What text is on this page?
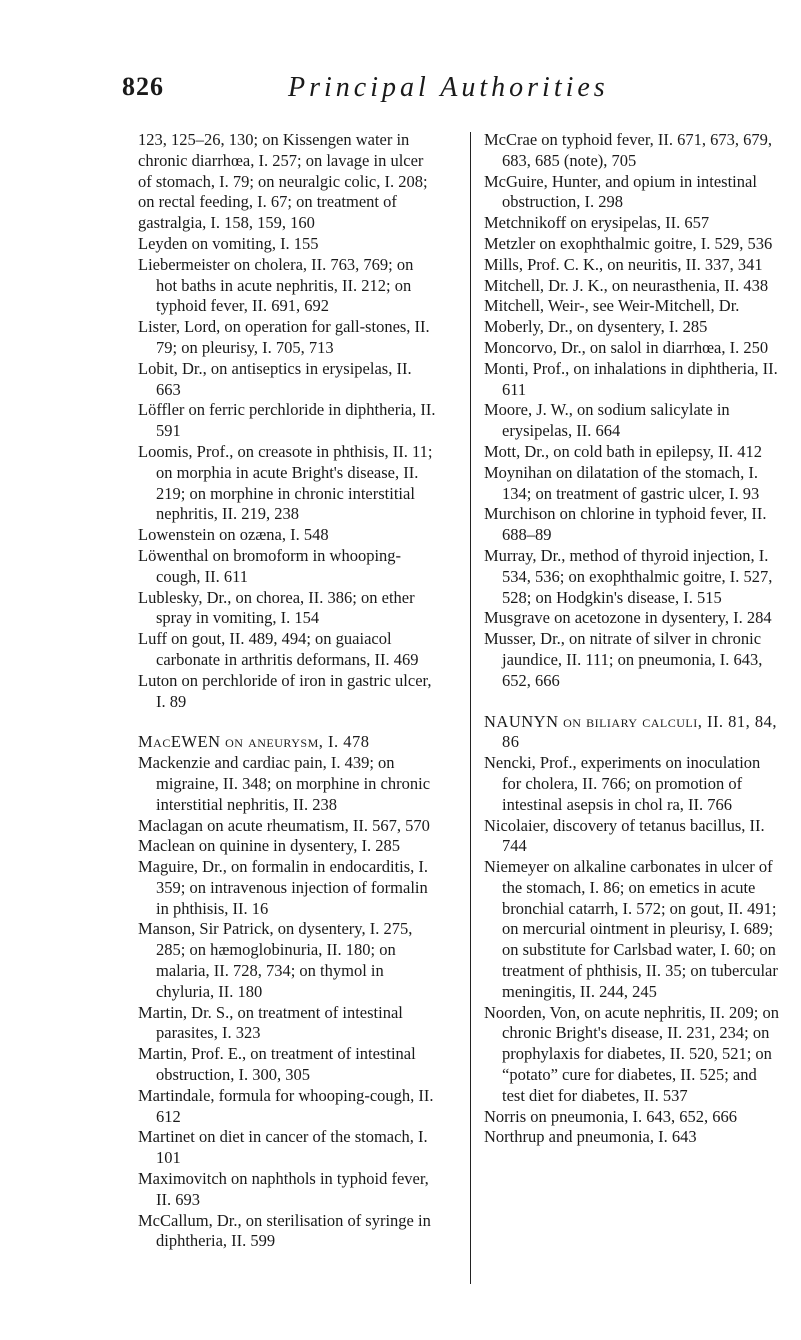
826	Principal Authorities

123, 125–26, 130; on Kissengen water in chronic diarrhœa, I. 257; on lavage in ulcer of stomach, I. 79; on neuralgic colic, I. 208; on rectal feeding, I. 67; on treatment of gastralgia, I. 158, 159, 160

Leyden on vomiting, I. 155

Liebermeister on cholera, II. 763, 769; on hot baths in acute nephritis, II. 212; on typhoid fever, II. 691, 692

Lister, Lord, on operation for gall-stones, II. 79; on pleurisy, I. 705, 713

Lobit, Dr., on antiseptics in erysipelas, II. 663

Löffler on ferric perchloride in diphtheria, II. 591

Loomis, Prof., on creasote in phthisis, II. 11; on morphia in acute Bright's disease, II. 219; on morphine in chronic interstitial nephritis, II. 219, 238

Lowenstein on ozæna, I. 548

Löwenthal on bromoform in whooping-cough, II. 611

Lublesky, Dr., on chorea, II. 386; on ether spray in vomiting, I. 154

Luff on gout, II. 489, 494; on guaiacol carbonate in arthritis deformans, II. 469

Luton on perchloride of iron in gastric ulcer, I. 89

MacEWEN on aneurysm, I. 478

Mackenzie and cardiac pain, I. 439; on migraine, II. 348; on morphine in chronic interstitial nephritis, II. 238

Maclagan on acute rheumatism, II. 567, 570

Maclean on quinine in dysentery, I. 285

Maguire, Dr., on formalin in endocarditis, I. 359; on intravenous injection of formalin in phthisis, II. 16

Manson, Sir Patrick, on dysentery, I. 275, 285; on hæmoglobinuria, II. 180; on malaria, II. 728, 734; on thymol in chyluria, II. 180

Martin, Dr. S., on treatment of intestinal parasites, I. 323

Martin, Prof. E., on treatment of intestinal obstruction, I. 300, 305

Martindale, formula for whooping-cough, II. 612

Martinet on diet in cancer of the stomach, I. 101

Maximovitch on naphthols in typhoid fever, II. 693

McCallum, Dr., on sterilisation of syringe in diphtheria, II. 599

McCrae on typhoid fever, II. 671, 673, 679, 683, 685 (note), 705

McGuire, Hunter, and opium in intestinal obstruction, I. 298

Metchnikoff on erysipelas, II. 657

Metzler on exophthalmic goitre, I. 529, 536

Mills, Prof. C. K., on neuritis, II. 337, 341

Mitchell, Dr. J. K., on neurasthenia, II. 438

Mitchell, Weir-, see Weir-Mitchell, Dr.

Moberly, Dr., on dysentery, I. 285

Moncorvo, Dr., on salol in diarrhœa, I. 250

Monti, Prof., on inhalations in diphtheria, II. 611

Moore, J. W., on sodium salicylate in erysipelas, II. 664

Mott, Dr., on cold bath in epilepsy, II. 412

Moynihan on dilatation of the stomach, I. 134; on treatment of gastric ulcer, I. 93

Murchison on chlorine in typhoid fever, II. 688–89

Murray, Dr., method of thyroid injection, I. 534, 536; on exophthalmic goitre, I. 527, 528; on Hodgkin's disease, I. 515

Musgrave on acetozone in dysentery, I. 284

Musser, Dr., on nitrate of silver in chronic jaundice, II. 111; on pneumonia, I. 643, 652, 666

NAUNYN on biliary calculi, II. 81, 84, 86

Nencki, Prof., experiments on inoculation for cholera, II. 766; on promotion of intestinal asepsis in chol ra, II. 766

Nicolaier, discovery of tetanus bacillus, II. 744

Niemeyer on alkaline carbonates in ulcer of the stomach, I. 86; on emetics in acute bronchial catarrh, I. 572; on gout, II. 491; on mercurial ointment in pleurisy, I. 689; on substitute for Carlsbad water, I. 60; on treatment of phthisis, II. 35; on tubercular meningitis, II. 244, 245

Noorden, Von, on acute nephritis, II. 209; on chronic Bright's disease, II. 231, 234; on prophylaxis for diabetes, II. 520, 521; on “potato” cure for diabetes, II. 525; and test diet for diabetes, II. 537

Norris on pneumonia, I. 643, 652, 666

Northrup and pneumonia, I. 643
